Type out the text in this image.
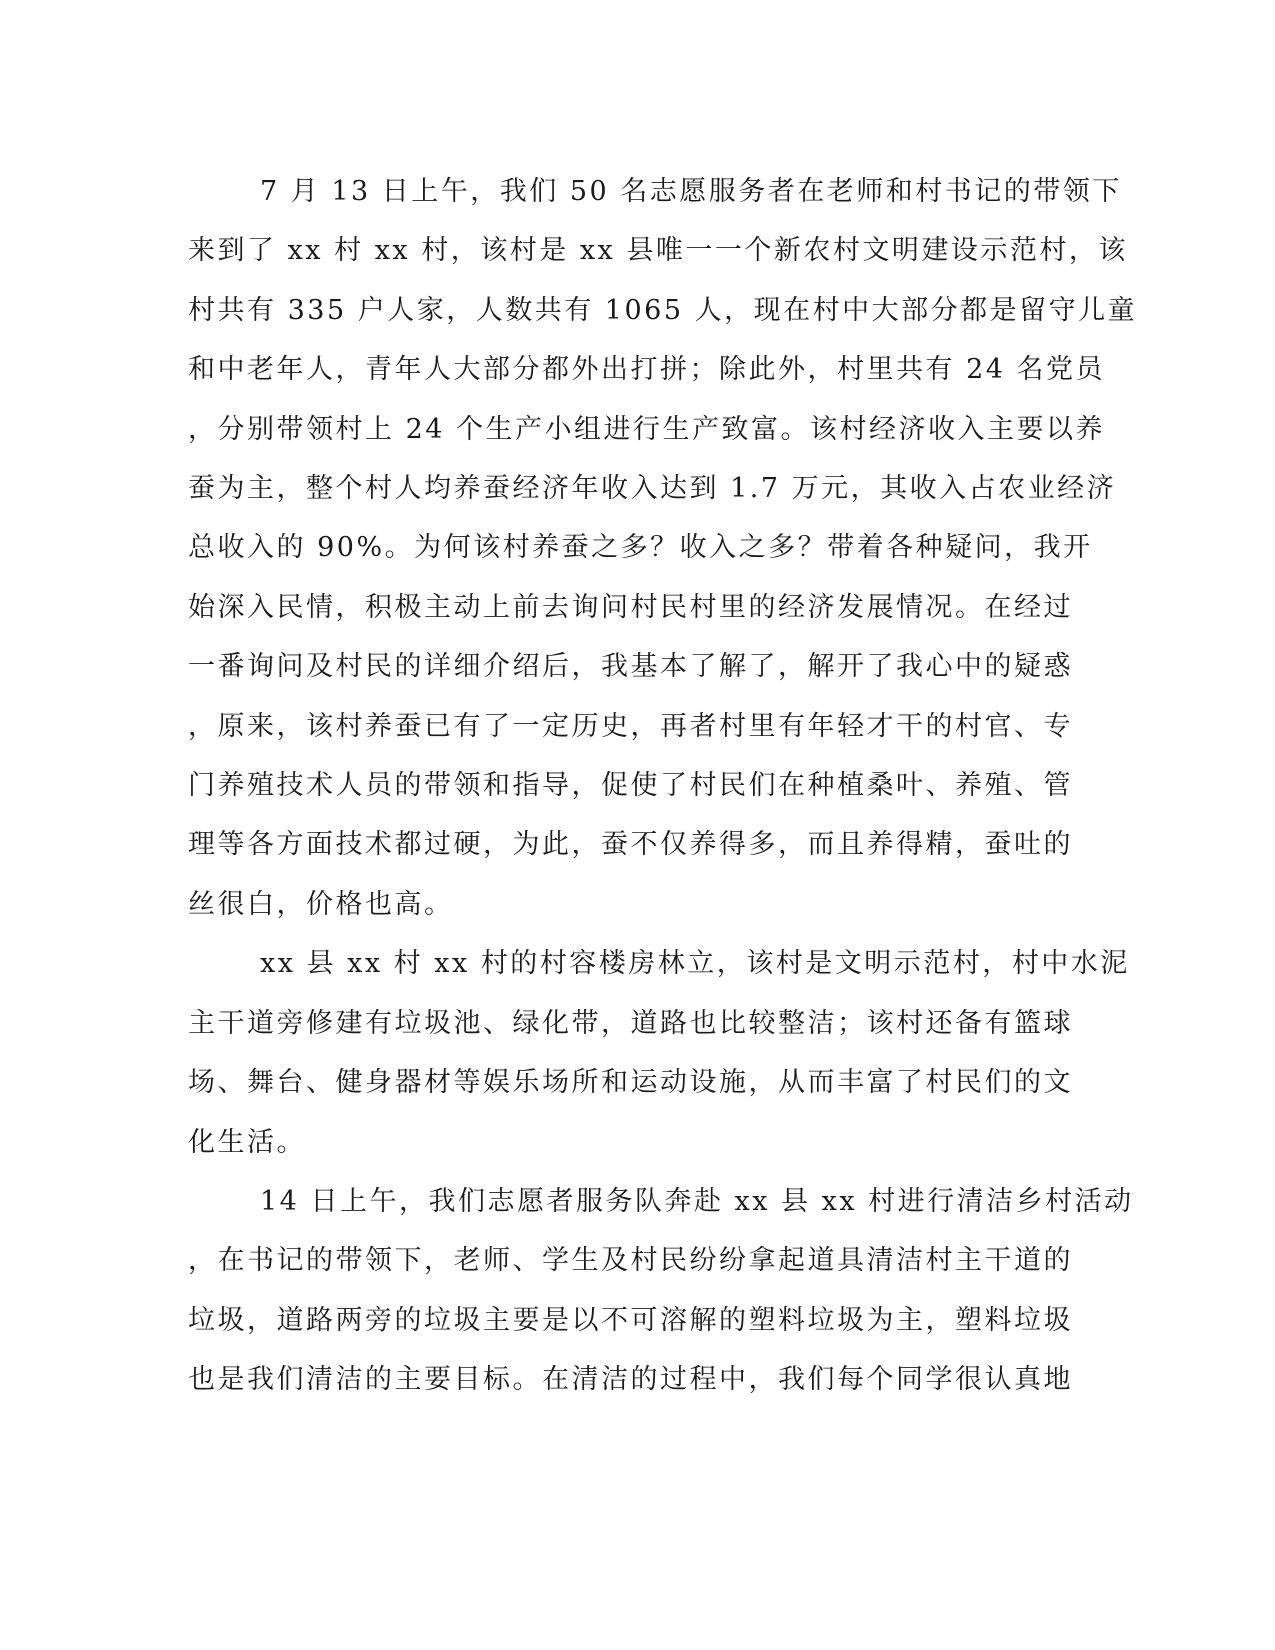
7 月 13 日上午，我们 50 名志愿服务者在老师和村书记的带领下
来到了 xx 村 xx 村，该村是 xx 县唯一一个新农村文明建设示范村，该
村共有 335 户人家，人数共有 1065 人，现在村中大部分都是留守儿童
和中老年人，青年人大部分都外出打拼；除此外，村里共有 24 名党员
，分别带领村上 24 个生产小组进行生产致富。该村经济收入主要以养
蚕为主，整个村人均养蚕经济年收入达到 1.7 万元，其收入占农业经济
总收入的 90%。为何该村养蚕之多？收入之多？带着各种疑问，我开
始深入民情，积极主动上前去询问村民村里的经济发展情况。在经过
一番询问及村民的详细介绍后，我基本了解了，解开了我心中的疑惑
，原来，该村养蚕已有了一定历史，再者村里有年轻才干的村官、专
门养殖技术人员的带领和指导，促使了村民们在种植桑叶、养殖、管
理等各方面技术都过硬，为此，蚕不仅养得多，而且养得精，蚕吐的
丝很白，价格也高。
xx 县 xx 村 xx 村的村容楼房林立，该村是文明示范村，村中水泥
主干道旁修建有垃圾池、绿化带，道路也比较整洁；该村还备有篮球
场、舞台、健身器材等娱乐场所和运动设施，从而丰富了村民们的文
化生活。
14 日上午，我们志愿者服务队奔赴 xx 县 xx 村进行清洁乡村活动
，在书记的带领下，老师、学生及村民纷纷拿起道具清洁村主干道的
垃圾，道路两旁的垃圾主要是以不可溶解的塑料垃圾为主，塑料垃圾
也是我们清洁的主要目标。在清洁的过程中，我们每个同学很认真地
